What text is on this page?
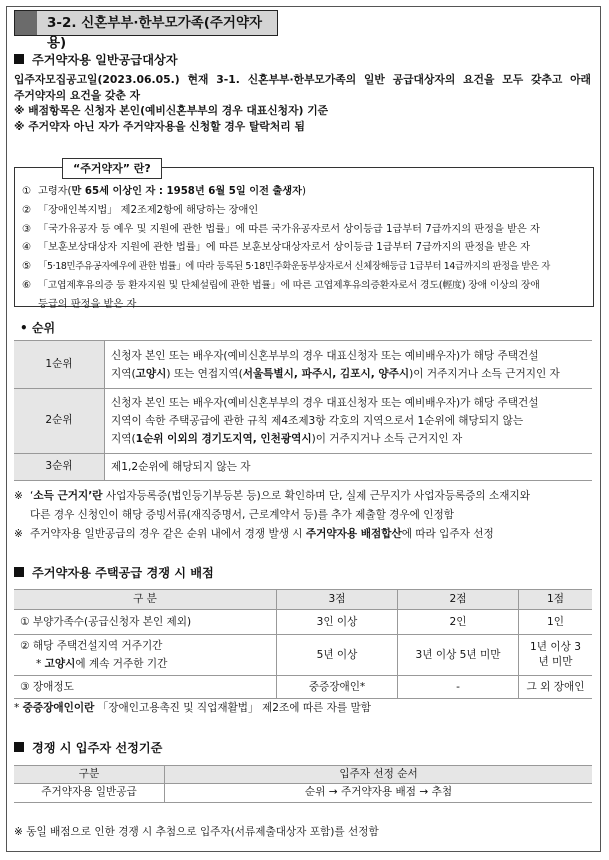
3-2. 신혼부부·한부모가족(주거약자용)
주거약자용 일반공급대상자
입주자모집공고일(2023.06.05.) 현재 3-1. 신혼부부·한부모가족의 일반 공급대상자의 요건을 모두 갖추고 아래
주거약자의 요건을 갖춘 자
※ 배점항목은 신청자 본인(예비신혼부부의 경우 대표신청자) 기준
※ 주거약자 아닌 자가 주거약자용을 신청할 경우 탈락처리 됨
“주거약자” 란?
① 고령자(만 65세 이상인 자 : 1958년 6월 5일 이전 출생자)
② 「장애인복지법」 제2조제2항에 해당하는 장애인
③ 「국가유공자 등 예우 및 지원에 관한 법률」에 따른 국가유공자로서 상이등급 1급부터 7급까지의 판정을 받은 자
④ 「보훈보상대상자 지원에 관한 법률」에 따른 보훈보상대상자로서 상이등급 1급부터 7급까지의 판정을 받은 자
⑤ 「5·18민주유공자예우에 관한 법률」에 따라 등록된 5·18민주화운동부상자로서 신체장해등급 1급부터 14급까지의 판정을 받은 자
⑥ 「고엽제후유의증 등 환자지원 및 단체설립에 관한 법률」에 따른 고엽제후유의증환자로서 경도(輕度) 장애 이상의 장애
등급의 판정을 받은 자
• 순위
1순위	신청자 본인 또는 배우자(예비신혼부부의 경우 대표신청자 또는 예비배우자)가 해당 주택건설
지역(고양시) 또는 연접지역(서울특별시, 파주시, 김포시, 양주시)이 거주지거나 소득 근거지인 자

2순위	신청자 본인 또는 배우자(예비신혼부부의 경우 대표신청자 또는 예비배우자)가 해당 주택건설
지역이 속한 주택공급에 관한 규칙 제4조제3항 각호의 지역으로서 1순위에 해당되지 않는
지역(1순위 이외의 경기도지역, 인천광역시)이 거주지거나 소득 근거지인 자

3순위	제1,2순위에 해당되지 않는 자
※ ‘소득 근거지’란 사업자등록증(법인등기부등본 등)으로 확인하며 단, 실제 근무지가 사업자등록증의 소재지와
다른 경우 신청인이 해당 증빙서류(재직증명서, 근로계약서 등)를 추가 제출할 경우에 인정함
※ 주거약자용 일반공급의 경우 같은 순위 내에서 경쟁 발생 시 주거약자용 배점합산에 따라 입주자 선정
주거약자용 주택공급 경쟁 시 배점
구 분	3점	2점	1점
① 부양가족수(공급신청자 본인 제외)	3인 이상	2인	1인

② 해당 주택건설지역 거주기간
* 고양시에 계속 거주한 기간	5년 이상	3년 이상 5년 미만	1년 이상 3년 미만
③ 장애정도	중증장애인*	-	그 외 장애인
* 중증장애인이란 「장애인고용촉진 및 직업재활법」 제2조에 따른 자를 말함
경쟁 시 입주자 선정기준
구분	입주자 선정 순서
주거약자용 일반공급	순위 → 주거약자용 배점 → 추첨
※ 동일 배점으로 인한 경쟁 시 추첨으로 입주자(서류제출대상자 포함)를 선정함
